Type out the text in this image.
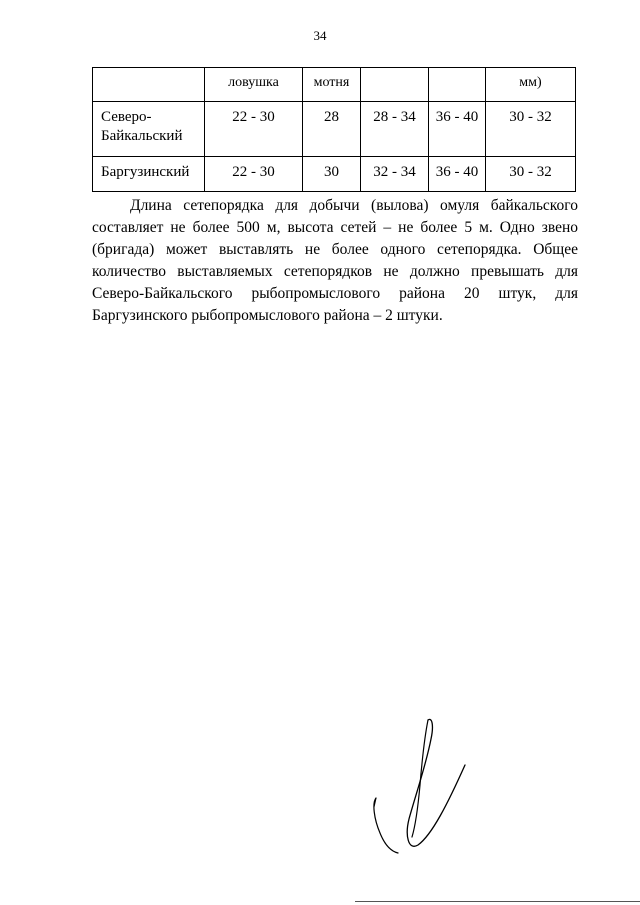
34
	ловушка	мотня			мм)
Северо-
Байкальский	22 - 30	28	28 - 34	36 - 40	30 - 32
Баргузинский	22 - 30	30	32 - 34	36 - 40	30 - 32

Длина сетепорядка для добычи (вылова) омуля байкальского составляет не более 500 м, высота сетей – не более 5 м. Одно звено (бригада) может выставлять не более одного сетепорядка. Общее количество выставляемых сетепорядков не должно превышать для Северо-Байкальского рыбопромыслового района 20 штук, для Баргузинского рыбопромыслового района – 2 штуки.
